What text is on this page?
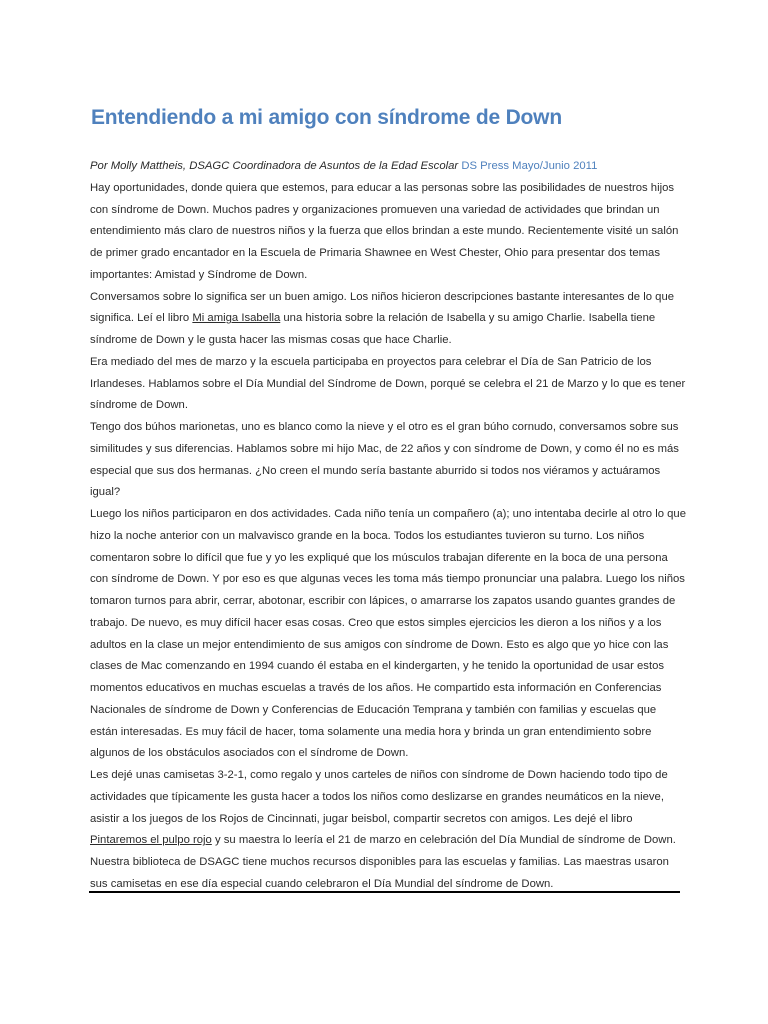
Entendiendo a mi amigo con síndrome de Down

Por Molly Mattheis, DSAGC Coordinadora de Asuntos de la Edad Escolar DS Press Mayo/Junio 2011

Hay oportunidades, donde quiera que estemos, para educar a las personas sobre las posibilidades de nuestros hijos con síndrome de Down. Muchos padres y organizaciones promueven una variedad de actividades que brindan un entendimiento más claro de nuestros niños y la fuerza que ellos brindan a este mundo. Recientemente visité un salón de primer grado encantador en la Escuela de Primaria Shawnee en West Chester, Ohio para presentar dos temas importantes: Amistad y Síndrome de Down.

Conversamos sobre lo significa ser un buen amigo. Los niños hicieron descripciones bastante interesantes de lo que significa. Leí el libro Mi amiga Isabella una historia sobre la relación de Isabella y su amigo Charlie. Isabella tiene síndrome de Down y le gusta hacer las mismas cosas que hace Charlie.

Era mediado del mes de marzo y la escuela participaba en proyectos para celebrar el Día de San Patricio de los Irlandeses. Hablamos sobre el Día Mundial del Síndrome de Down, porqué se celebra el 21 de Marzo y lo que es tener síndrome de Down.

Tengo dos búhos marionetas, uno es blanco como la nieve y el otro es el gran búho cornudo, conversamos sobre sus similitudes y sus diferencias. Hablamos sobre mi hijo Mac, de 22 años y con síndrome de Down, y como él no es más especial que sus dos hermanas. ¿No creen el mundo sería bastante aburrido si todos nos viéramos y actuáramos igual?

Luego los niños participaron en dos actividades. Cada niño tenía un compañero (a); uno intentaba decirle al otro lo que hizo la noche anterior con un malvavisco grande en la boca. Todos los estudiantes tuvieron su turno. Los niños comentaron sobre lo difícil que fue y yo les expliqué que los músculos trabajan diferente en la boca de una persona con síndrome de Down. Y por eso es que algunas veces les toma más tiempo pronunciar una palabra. Luego los niños tomaron turnos para abrir, cerrar, abotonar, escribir con lápices, o amarrarse los zapatos usando guantes grandes de trabajo. De nuevo, es muy difícil hacer esas cosas. Creo que estos simples ejercicios les dieron a los niños y a los adultos en la clase un mejor entendimiento de sus amigos con síndrome de Down. Esto es algo que yo hice con las clases de Mac comenzando en 1994 cuando él estaba en el kindergarten, y he tenido la oportunidad de usar estos momentos educativos en muchas escuelas a través de los años. He compartido esta información en Conferencias Nacionales de síndrome de Down y Conferencias de Educación Temprana y también con familias y escuelas que están interesadas. Es muy fácil de hacer, toma solamente una media hora y brinda un gran entendimiento sobre algunos de los obstáculos asociados con el síndrome de Down.

Les dejé unas camisetas 3-2-1, como regalo y unos carteles de niños con síndrome de Down haciendo todo tipo de actividades que típicamente les gusta hacer a todos los niños como deslizarse en grandes neumáticos en la nieve, asistir a los juegos de los Rojos de Cincinnati, jugar beisbol, compartir secretos con amigos. Les dejé el libro Pintaremos el pulpo rojo y su maestra lo leería el 21 de marzo en celebración del Día Mundial de síndrome de Down. Nuestra biblioteca de DSAGC tiene muchos recursos disponibles para las escuelas y familias. Las maestras usaron sus camisetas en ese día especial cuando celebraron el Día Mundial del síndrome de Down.
